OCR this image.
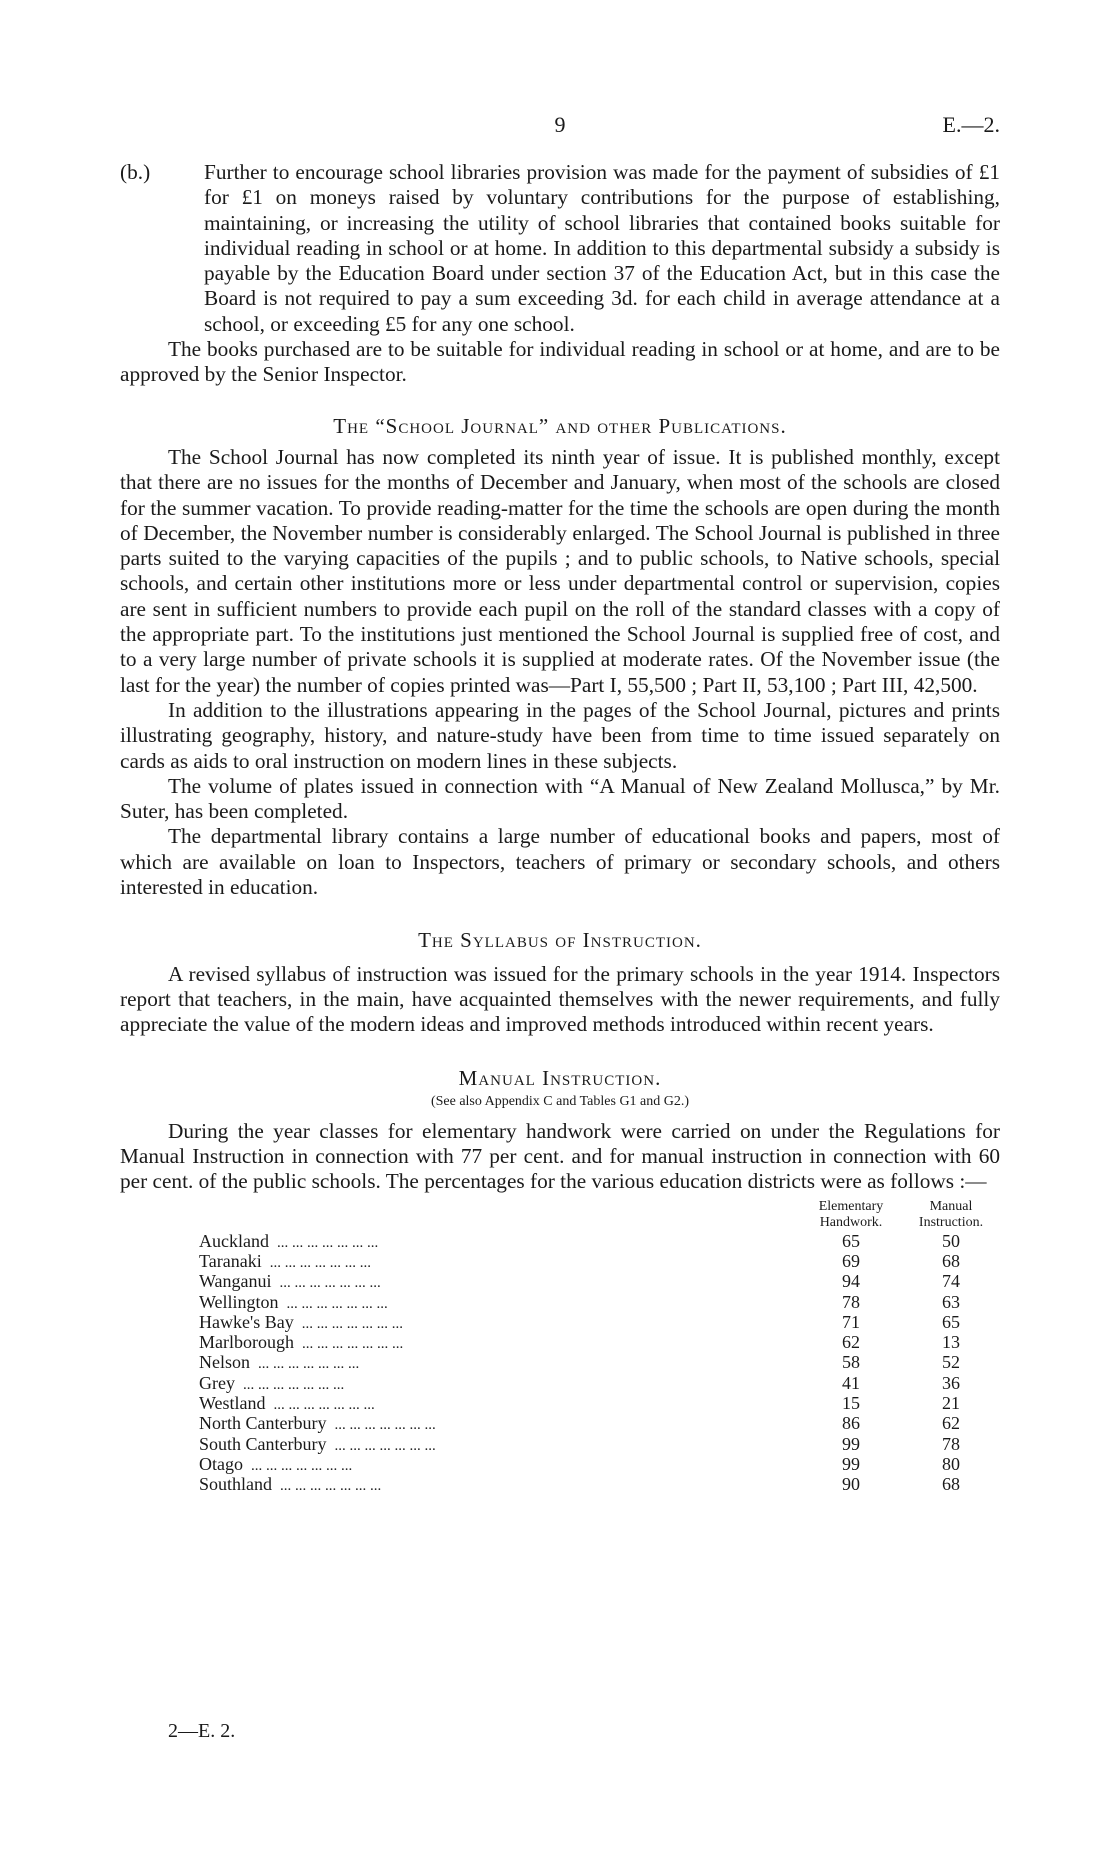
9	E.—2.

(b.)	Further to encourage school libraries provision was made for the payment of subsidies of £1 for £1 on moneys raised by voluntary contributions for the purpose of establishing, maintaining, or increasing the utility of school libraries that contained books suitable for individual reading in school or at home. In addition to this departmental subsidy a subsidy is payable by the Education Board under section 37 of the Education Act, but in this case the Board is not required to pay a sum exceeding 3d. for each child in average attendance at a school, or exceeding £5 for any one school.

The books purchased are to be suitable for individual reading in school or at home, and are to be approved by the Senior Inspector.

The “School Journal” and other Publications.

The School Journal has now completed its ninth year of issue. It is published monthly, except that there are no issues for the months of December and January, when most of the schools are closed for the summer vacation. To provide reading-matter for the time the schools are open during the month of December, the November number is considerably enlarged. The School Journal is published in three parts suited to the varying capacities of the pupils ; and to public schools, to Native schools, special schools, and certain other institutions more or less under departmental control or supervision, copies are sent in sufficient numbers to provide each pupil on the roll of the standard classes with a copy of the appropriate part. To the institutions just mentioned the School Journal is supplied free of cost, and to a very large number of private schools it is supplied at moderate rates. Of the November issue (the last for the year) the number of copies printed was—Part I, 55,500 ; Part II, 53,100 ; Part III, 42,500.

In addition to the illustrations appearing in the pages of the School Journal, pictures and prints illustrating geography, history, and nature-study have been from time to time issued separately on cards as aids to oral instruction on modern lines in these subjects.

The volume of plates issued in connection with “A Manual of New Zealand Mollusca,” by Mr. Suter, has been completed.

The departmental library contains a large number of educational books and papers, most of which are available on loan to Inspectors, teachers of primary or secondary schools, and others interested in education.

The Syllabus of Instruction.

A revised syllabus of instruction was issued for the primary schools in the year 1914. Inspectors report that teachers, in the main, have acquainted themselves with the newer requirements, and fully appreciate the value of the modern ideas and improved methods introduced within recent years.

Manual Instruction.
(See also Appendix C and Tables G1 and G2.)

During the year classes for elementary handwork were carried on under the Regulations for Manual Instruction in connection with 77 per cent. and for manual instruction in connection with 60 per cent. of the public schools. The percentages for the various education districts were as follows :—

Elementary Handwork.
Manual Instruction.
Auckland ... ... ... ... ... ... ...	65	50
Taranaki ... ... ... ... ... ... ...	69	68
Wanganui ... ... ... ... ... ... ...	94	74
Wellington ... ... ... ... ... ... ...	78	63
Hawke's Bay ... ... ... ... ... ... ...	71	65
Marlborough ... ... ... ... ... ... ...	62	13
Nelson ... ... ... ... ... ... ...	58	52
Grey ... ... ... ... ... ... ...	41	36
Westland ... ... ... ... ... ... ...	15	21
North Canterbury ... ... ... ... ... ... ...	86	62
South Canterbury ... ... ... ... ... ... ...	99	78
Otago ... ... ... ... ... ... ...	99	80
Southland ... ... ... ... ... ... ...	90	68
2—E. 2.
